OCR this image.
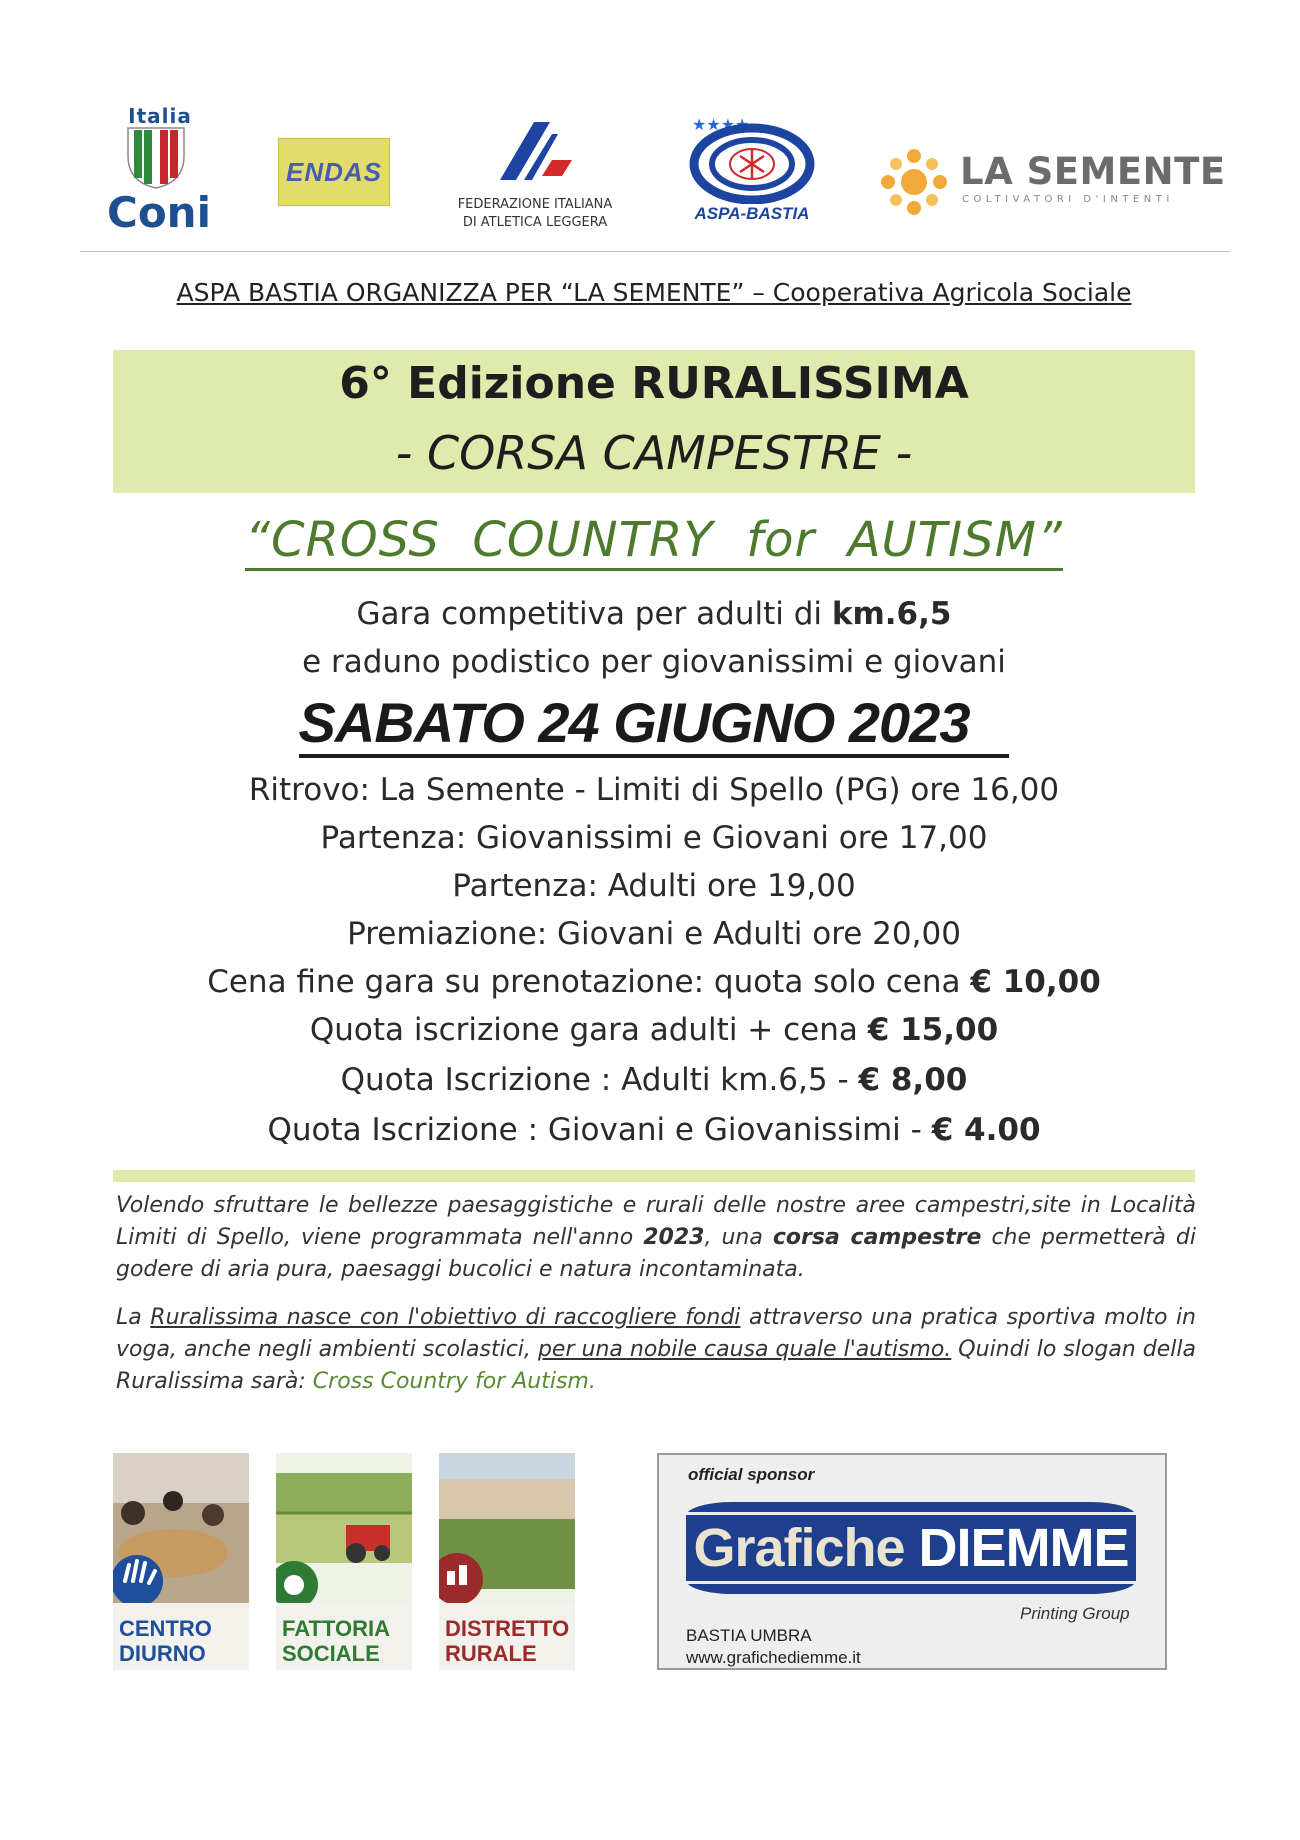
Italia
Coni
ENDAS
FEDERAZIONE ITALIANA
DI ATLETICA LEGGERA
★★★★
ASPA-BASTIA
LA SEMENTE
COLTIVATORI D'INTENTI
ASPA BASTIA ORGANIZZA PER “LA SEMENTE” – Cooperativa Agricola Sociale
6° Edizione RURALISSIMA
- CORSA CAMPESTRE -
“CROSS  COUNTRY  for  AUTISM”
Gara competitiva per adulti di km.6,5
e raduno podistico per giovanissimi e giovani
SABATO 24 GIUGNO 2023
Ritrovo: La Semente - Limiti di Spello (PG) ore 16,00
Partenza: Giovanissimi e Giovani ore 17,00
Partenza: Adulti ore 19,00
Premiazione: Giovani e Adulti ore 20,00
Cena fine gara su prenotazione: quota solo cena € 10,00
Quota iscrizione gara adulti + cena € 15,00
Quota Iscrizione : Adulti km.6,5 - € 8,00
Quota Iscrizione : Giovani e Giovanissimi - € 4.00
Volendo sfruttare le bellezze paesaggistiche e rurali delle nostre aree campestri,site in Località Limiti di Spello, viene programmata nell'anno 2023, una corsa campestre che permetterà di godere di aria pura, paesaggi bucolici e natura incontaminata.
La Ruralissima nasce con l'obiettivo di raccogliere fondi attraverso una pratica sportiva molto in voga, anche negli ambienti scolastici, per una nobile causa quale l'autismo. Quindi lo slogan della Ruralissima sarà: Cross Country for Autism.
CENTRO
DIURNO
FATTORIA
SOCIALE
DISTRETTO
RURALE
official sponsor
Grafiche DIEMME
Printing Group
BASTIA UMBRA
www.grafichediemme.it
